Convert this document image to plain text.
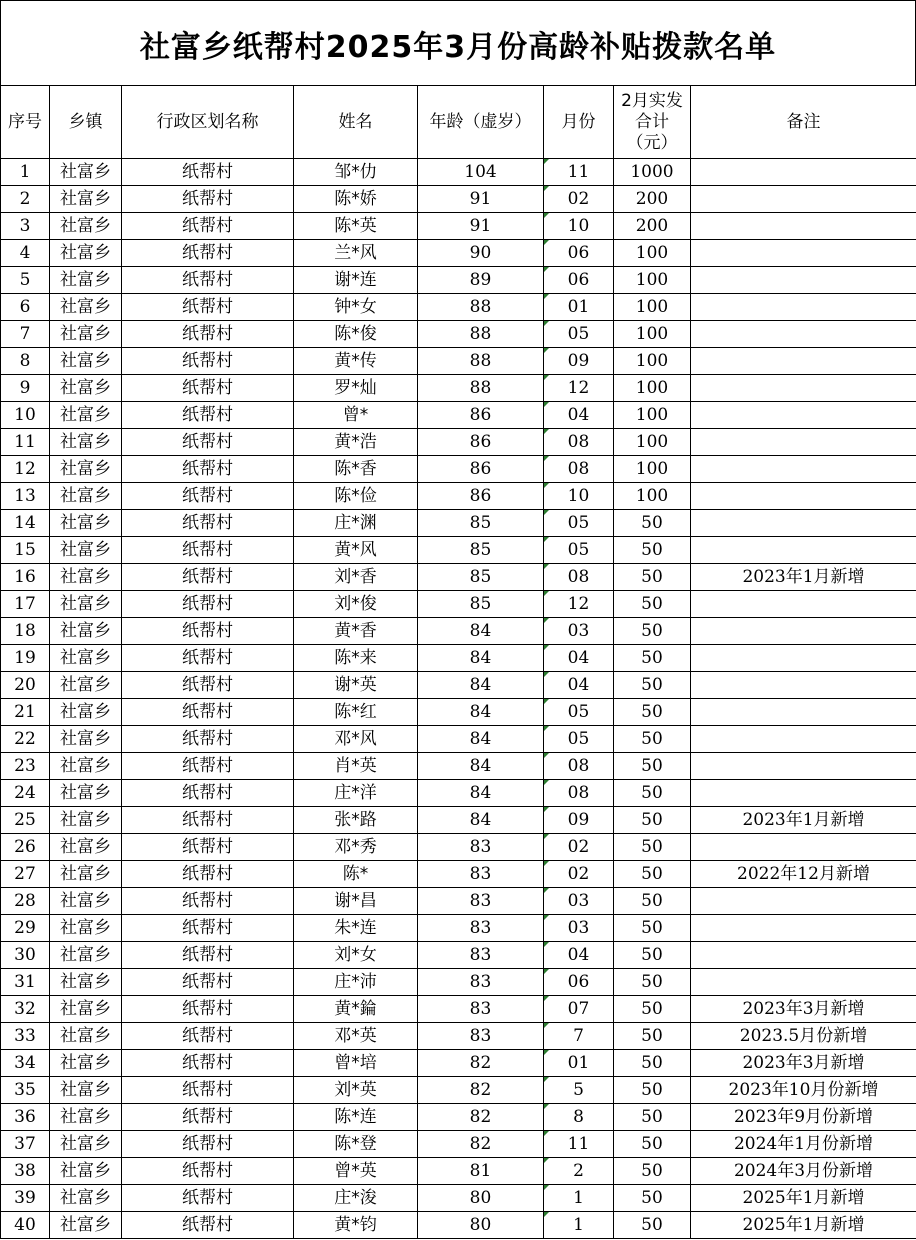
社富乡纸帮村2025年3月份高龄补贴拨款名单
序号	乡镇	行政区划名称	姓名	年龄（虚岁）	月份	2月实发
合计
（元）	备注
1	社富乡	纸帮村	邹*仂	104	11	1000	
2	社富乡	纸帮村	陈*娇	91	02	200	
3	社富乡	纸帮村	陈*英	91	10	200	
4	社富乡	纸帮村	兰*风	90	06	100	
5	社富乡	纸帮村	谢*连	89	06	100	
6	社富乡	纸帮村	钟*女	88	01	100	
7	社富乡	纸帮村	陈*俊	88	05	100	
8	社富乡	纸帮村	黄*传	88	09	100	
9	社富乡	纸帮村	罗*灿	88	12	100	
10	社富乡	纸帮村	曾*	86	04	100	
11	社富乡	纸帮村	黄*浩	86	08	100	
12	社富乡	纸帮村	陈*香	86	08	100	
13	社富乡	纸帮村	陈*俭	86	10	100	
14	社富乡	纸帮村	庄*渊	85	05	50	
15	社富乡	纸帮村	黄*风	85	05	50	
16	社富乡	纸帮村	刘*香	85	08	50	2023年1月新增
17	社富乡	纸帮村	刘*俊	85	12	50	
18	社富乡	纸帮村	黄*香	84	03	50	
19	社富乡	纸帮村	陈*来	84	04	50	
20	社富乡	纸帮村	谢*英	84	04	50	
21	社富乡	纸帮村	陈*红	84	05	50	
22	社富乡	纸帮村	邓*风	84	05	50	
23	社富乡	纸帮村	肖*英	84	08	50	
24	社富乡	纸帮村	庄*洋	84	08	50	
25	社富乡	纸帮村	张*路	84	09	50	2023年1月新增
26	社富乡	纸帮村	邓*秀	83	02	50	
27	社富乡	纸帮村	陈*	83	02	50	2022年12月新增
28	社富乡	纸帮村	谢*昌	83	03	50	
29	社富乡	纸帮村	朱*连	83	03	50	
30	社富乡	纸帮村	刘*女	83	04	50	
31	社富乡	纸帮村	庄*沛	83	06	50	
32	社富乡	纸帮村	黄*錀	83	07	50	2023年3月新增
33	社富乡	纸帮村	邓*英	83	7	50	2023.5月份新增
34	社富乡	纸帮村	曾*培	82	01	50	2023年3月新增
35	社富乡	纸帮村	刘*英	82	5	50	2023年10月份新增
36	社富乡	纸帮村	陈*连	82	8	50	2023年9月份新增
37	社富乡	纸帮村	陈*登	82	11	50	2024年1月份新增
38	社富乡	纸帮村	曾*英	81	2	50	2024年3月份新增
39	社富乡	纸帮村	庄*浚	80	1	50	2025年1月新增
40	社富乡	纸帮村	黄*钧	80	1	50	2025年1月新增
